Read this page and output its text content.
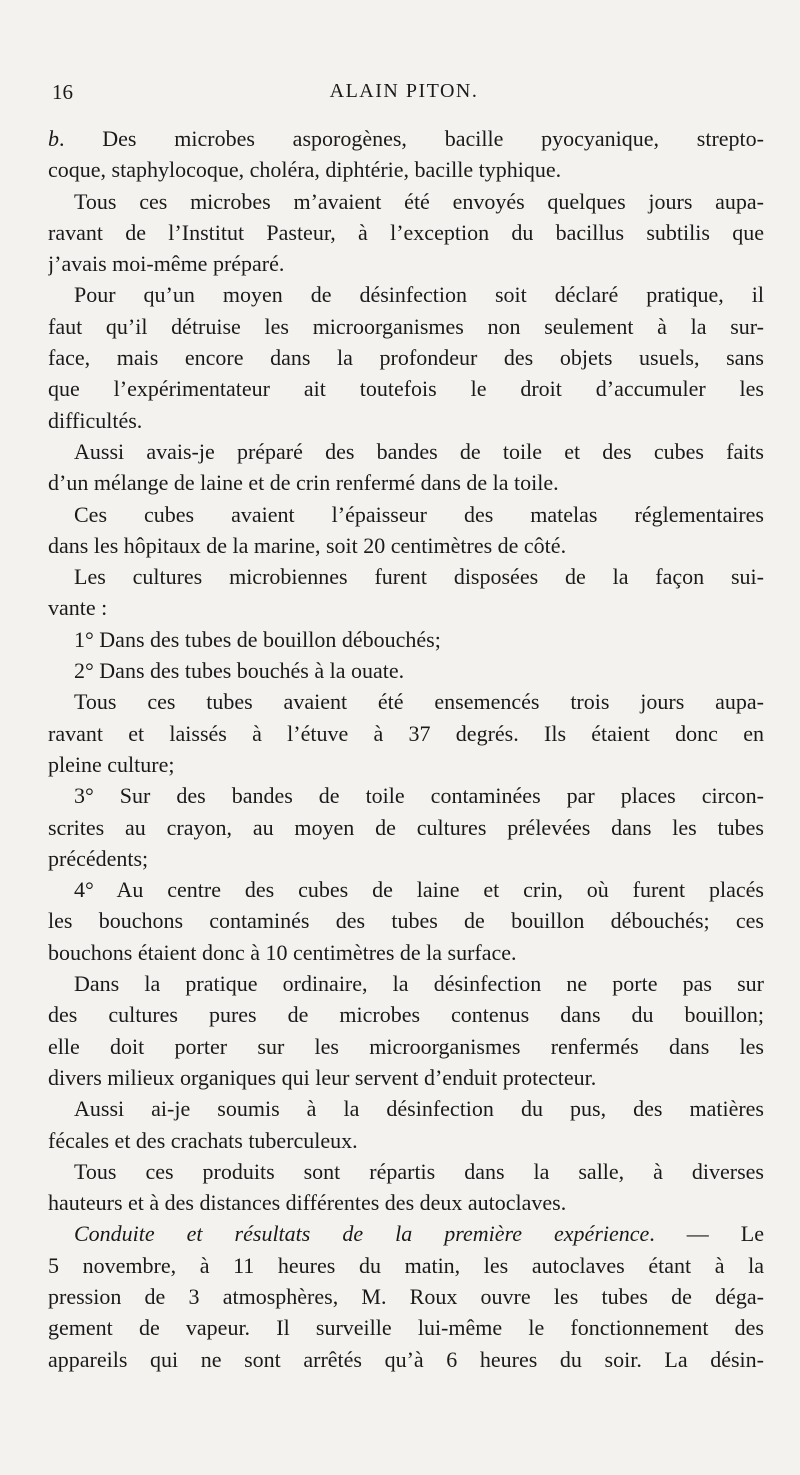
16	ALAIN PITON.
b. Des microbes asporogènes, bacille pyocyanique, strepto-
coque, staphylocoque, choléra, diphtérie, bacille typhique.
Tous ces microbes m’avaient été envoyés quelques jours aupa-
ravant de l’Institut Pasteur, à l’exception du bacillus subtilis que
j’avais moi-même préparé.
Pour qu’un moyen de désinfection soit déclaré pratique, il
faut qu’il détruise les microorganismes non seulement à la sur-
face, mais encore dans la profondeur des objets usuels, sans
que l’expérimentateur ait toutefois le droit d’accumuler les
difficultés.
Aussi avais-je préparé des bandes de toile et des cubes faits
d’un mélange de laine et de crin renfermé dans de la toile.
Ces cubes avaient l’épaisseur des matelas réglementaires
dans les hôpitaux de la marine, soit 20 centimètres de côté.
Les cultures microbiennes furent disposées de la façon sui-
vante :
1° Dans des tubes de bouillon débouchés;
2° Dans des tubes bouchés à la ouate.
Tous ces tubes avaient été ensemencés trois jours aupa-
ravant et laissés à l’étuve à 37 degrés. Ils étaient donc en
pleine culture;
3° Sur des bandes de toile contaminées par places circon-
scrites au crayon, au moyen de cultures prélevées dans les tubes
précédents;
4° Au centre des cubes de laine et crin, où furent placés
les bouchons contaminés des tubes de bouillon débouchés; ces
bouchons étaient donc à 10 centimètres de la surface.
Dans la pratique ordinaire, la désinfection ne porte pas sur
des cultures pures de microbes contenus dans du bouillon;
elle doit porter sur les microorganismes renfermés dans les
divers milieux organiques qui leur servent d’enduit protecteur.
Aussi ai-je soumis à la désinfection du pus, des matières
fécales et des crachats tuberculeux.
Tous ces produits sont répartis dans la salle, à diverses
hauteurs et à des distances différentes des deux autoclaves.
Conduite et résultats de la première expérience. — Le
5 novembre, à 11 heures du matin, les autoclaves étant à la
pression de 3 atmosphères, M. Roux ouvre les tubes de déga-
gement de vapeur. Il surveille lui-même le fonctionnement des
appareils qui ne sont arrêtés qu’à 6 heures du soir. La désin-
